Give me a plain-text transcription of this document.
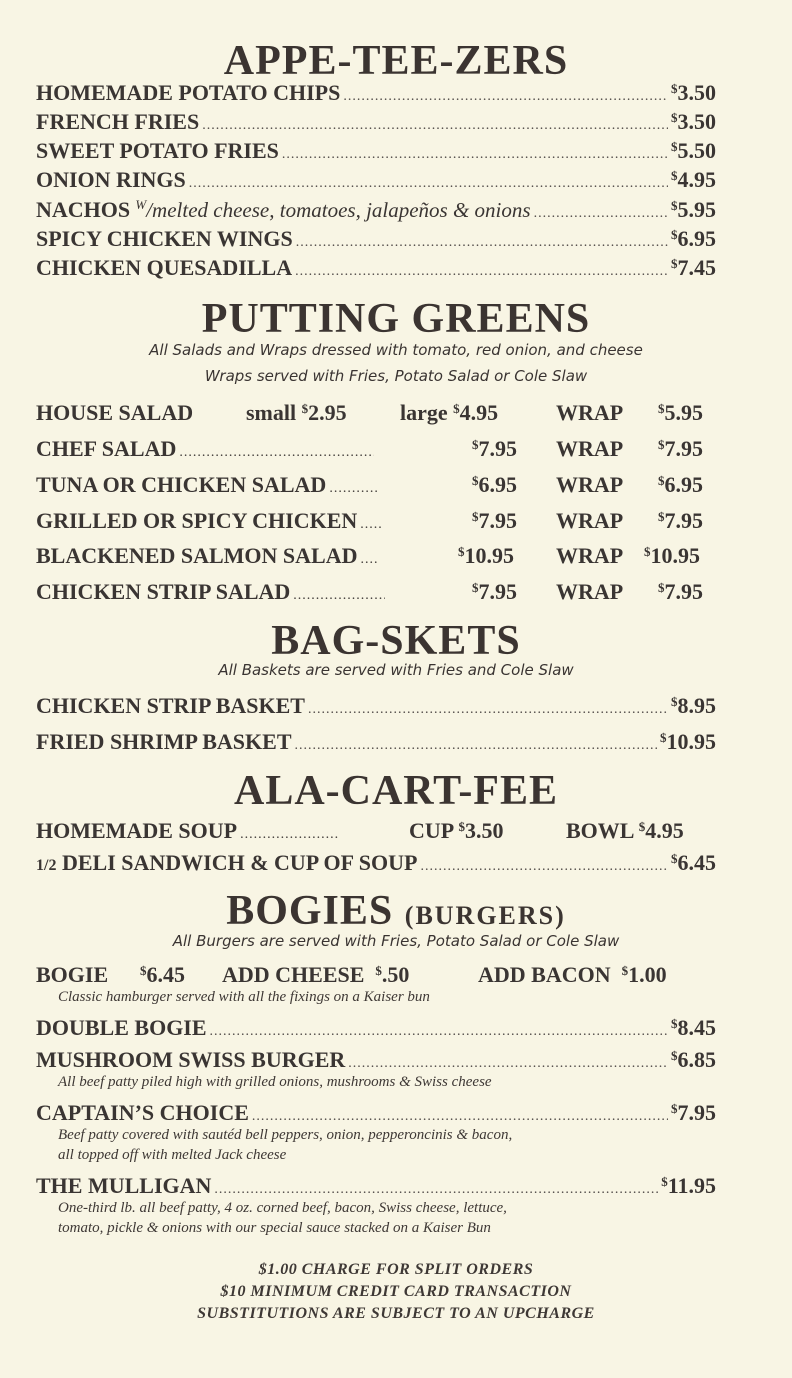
APPE-TEE-ZERS
HOMEMADE POTATO CHIPS
.....	$3.50
FRENCH FRIES
.....	$3.50
SWEET POTATO FRIES
.....	$5.50
ONION RINGS
.....	$4.95
NACHOS $^W$/melted cheese, tomatoes, jalapeños & onions
.....	$5.95
SPICY CHICKEN WINGS
.....	$6.95
CHICKEN QUESADILLA
.....	$7.45
PUTTING GREENS
All Salads and Wraps dressed with tomato, red onion, and cheese
Wraps served with Fries, Potato Salad or Cole Slaw
HOUSE SALAD small $2.95 large $4.95	WRAP	$5.95
CHEF SALAD
.....	$7.95 WRAP	$7.95
TUNA OR CHICKEN SALAD
.....	$6.95 WRAP	$6.95
GRILLED OR SPICY CHICKEN
.....	$7.95 WRAP	$7.95
BLACKENED SALMON SALAD
.....	$10.95 WRAP $10.95
CHICKEN STRIP SALAD
.....	$7.95 WRAP	$7.95
BAG-SKETS
All Baskets are served with Fries and Cole Slaw
CHICKEN STRIP BASKET
.....	$8.95
FRIED SHRIMP BASKET
.....	$10.95
ALA-CART-FEE
HOMEMADE SOUP
.....	CUP $3.50	BOWL $4.95
1/2 DELI SANDWICH & CUP OF SOUP
.....	$6.45
BOGIES (BURGERS)
All Burgers are served with Fries, Potato Salad or Cole Slaw
BOGIE $6.45 ADD CHEESE $.50	ADD BACON $1.00
Classic hamburger served with all the fixings on a Kaiser bun
DOUBLE BOGIE
.....	$8.45
MUSHROOM SWISS BURGER
.....	$6.85
All beef patty piled high with grilled onions, mushrooms & Swiss cheese
CAPTAIN’S CHOICE
.....	$7.95
Beef patty covered with sautéd bell peppers, onion, pepperoncinis & bacon,
all topped off with melted Jack cheese
THE MULLIGAN
.....	$11.95
One-third lb. all beef patty, 4 oz. corned beef, bacon, Swiss cheese, lettuce,
tomato, pickle & onions with our special sauce stacked on a Kaiser Bun
$1.00 CHARGE FOR SPLIT ORDERS
$10 MINIMUM CREDIT CARD TRANSACTION
SUBSTITUTIONS ARE SUBJECT TO AN UPCHARGE
